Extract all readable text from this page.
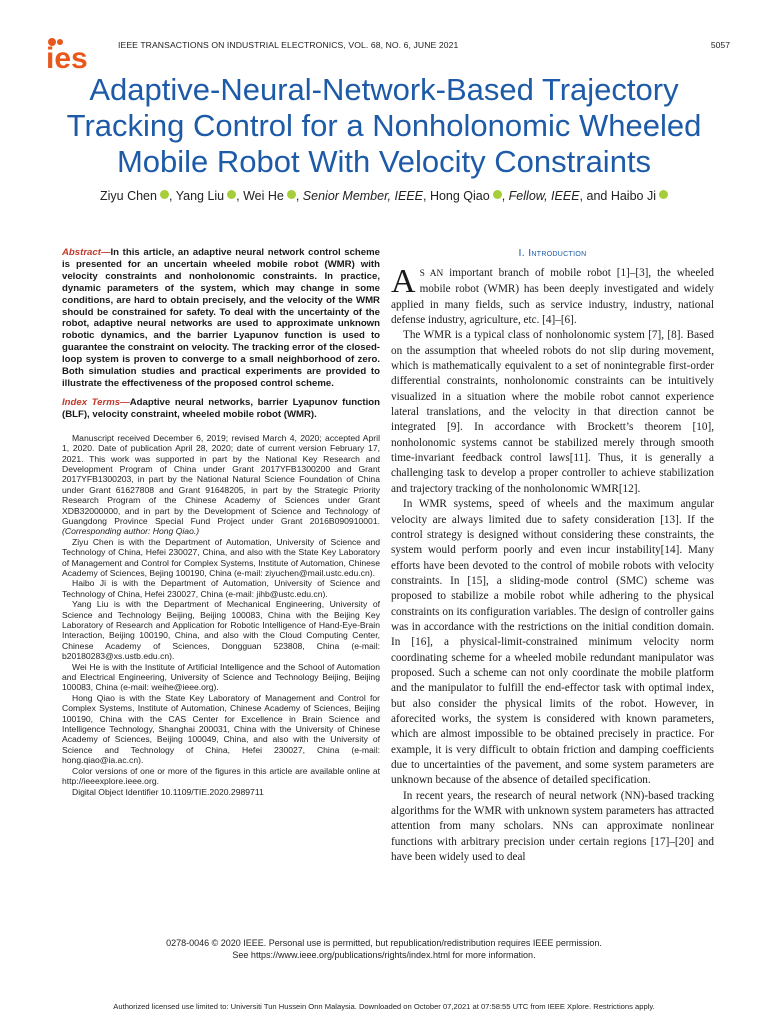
ies	IEEE TRANSACTIONS ON INDUSTRIAL ELECTRONICS, VOL. 68, NO. 6, JUNE 2021	5057
Adaptive-Neural-Network-Based Trajectory
Tracking Control for a Nonholonomic Wheeled
Mobile Robot With Velocity Constraints
Ziyu Chen , Yang Liu , Wei He , Senior Member, IEEE, Hong Qiao , Fellow, IEEE, and Haibo Ji

Abstract—In this article, an adaptive neural network control scheme is presented for an uncertain wheeled mobile robot (WMR) with velocity constraints and nonholonomic constraints. In practice, dynamic parameters of the system, which may change in some conditions, are hard to obtain precisely, and the velocity of the WMR should be constrained for safety. To deal with the uncertainty of the robot, adaptive neural networks are used to approximate unknown robotic dynamics, and the barrier Lyapunov function is used to guarantee the constraint on velocity. The tracking error of the closed-loop system is proven to converge to a small neighborhood of zero. Both simulation studies and practical experiments are provided to illustrate the effectiveness of the proposed control scheme.

Index Terms—Adaptive neural networks, barrier Lyapunov function (BLF), velocity constraint, wheeled mobile robot (WMR).

Manuscript received December 6, 2019; revised March 4, 2020; accepted April 1, 2020. Date of publication April 28, 2020; date of current version February 17, 2021. This work was supported in part by the National Key Research and Development Program of China under Grant 2017YFB1300200 and Grant 2017YFB1300203, in part by the National Natural Science Foundation of China under Grant 61627808 and Grant 91648205, in part by the Strategic Priority Research Program of the Chinese Academy of Sciences under Grant XDB32000000, and in part by the Development of Science and Technology of Guangdong Province Special Fund Project under Grant 2016B090910001. (Corresponding author: Hong Qiao.)

Ziyu Chen is with the Department of Automation, University of Science and Technology of China, Hefei 230027, China, and also with the State Key Laboratory of Management and Control for Complex Systems, Institute of Automation, Chinese Academy of Sciences, Bejing 100190, China (e-mail: ziyuchen@mail.ustc.edu.cn).

Haibo Ji is with the Department of Automation, University of Science and Technology of China, Hefei 230027, China (e-mail: jihb@ustc.edu.cn).

Yang Liu is with the Department of Mechanical Engineering, University of Science and Technology Beijing, Beijing 100083, China with the Beijing Key Laboratory of Research and Application for Robotic Intelligence of Hand-Eye-Brain Interaction, Beijing 100190, China, and also with the Cloud Computing Center, Chinese Academy of Sciences, Dongguan 523808, China (e-mail: b20180283@xs.ustb.edu.cn).

Wei He is with the Institute of Artificial Intelligence and the School of Automation and Electrical Engineering, University of Science and Technology Beijing, Beijing 100083, China (e-mail: weihe@ieee.org).

Hong Qiao is with the State Key Laboratory of Management and Control for Complex Systems, Institute of Automation, Chinese Academy of Sciences, Beijing 100190, China with the CAS Center for Excellence in Brain Science and Intelligence Technology, Shanghai 200031, China with the University of Chinese Academy of Sciences, Beijing 100049, China, and also with the University of Science and Technology of China, Hefei 230027, China (e-mail: hong.qiao@ia.ac.cn).

Color versions of one or more of the figures in this article are available online at http://ieeexplore.ieee.org.

Digital Object Identifier 10.1109/TIE.2020.2989711

I. Introduction

A S AN important branch of mobile robot [1]–[3], the wheeled mobile robot (WMR) has been deeply investigated and widely applied in many fields, such as service industry, industry, national defense industry, agriculture, etc. [4]–[6].

The WMR is a typical class of nonholonomic system [7], [8]. Based on the assumption that wheeled robots do not slip during movement, which is mathematically equivalent to a set of nonintegrable first-order differential constraints, nonholonomic constraints can be intuitively visualized in a situation where the mobile robot cannot experience lateral translations, and the velocity in that direction cannot be integrated [9]. In accordance with Brockett’s theorem [10], nonholonomic systems cannot be stabilized merely through smooth time-invariant feedback control laws[11]. Thus, it is generally a challenging task to develop a proper controller to achieve stabilization and trajectory tracking of the nonholonomic WMR[12].

In WMR systems, speed of wheels and the maximum angular velocity are always limited due to safety consideration [13]. If the control strategy is designed without considering these constraints, the system would perform poorly and even incur instability[14]. Many efforts have been devoted to the control of mobile robots with velocity constraints. In [15], a sliding-mode control (SMC) scheme was proposed to stabilize a mobile robot while adhering to the physical constraints on its configuration variables. The design of controller gains was in accordance with the restrictions on the initial condition domain. In [16], a physical-limit-constrained minimum velocity norm coordinating scheme for a wheeled mobile redundant manipulator was proposed. Such a scheme can not only coordinate the mobile platform and the manipulator to fulfill the end-effector task with optimal index, but also consider the physical limits of the robot. However, in aforecited works, the system is considered with known parameters, which are almost impossible to be obtained precisely in practice. For example, it is very difficult to obtain friction and damping coefficients due to uncertainties of the pavement, and some system parameters are unknown because of the absence of detailed specification.

In recent years, the research of neural network (NN)-based tracking algorithms for the WMR with unknown system parameters has attracted attention from many scholars. NNs can approximate nonlinear functions with arbitrary precision under certain regions [17]–[20] and have been widely used to deal

0278-0046 © 2020 IEEE. Personal use is permitted, but republication/redistribution requires IEEE permission.
See https://www.ieee.org/publications/rights/index.html for more information.
Authorized licensed use limited to: Universiti Tun Hussein Onn Malaysia. Downloaded on October 07,2021 at 07:58:55 UTC from IEEE Xplore. Restrictions apply.
